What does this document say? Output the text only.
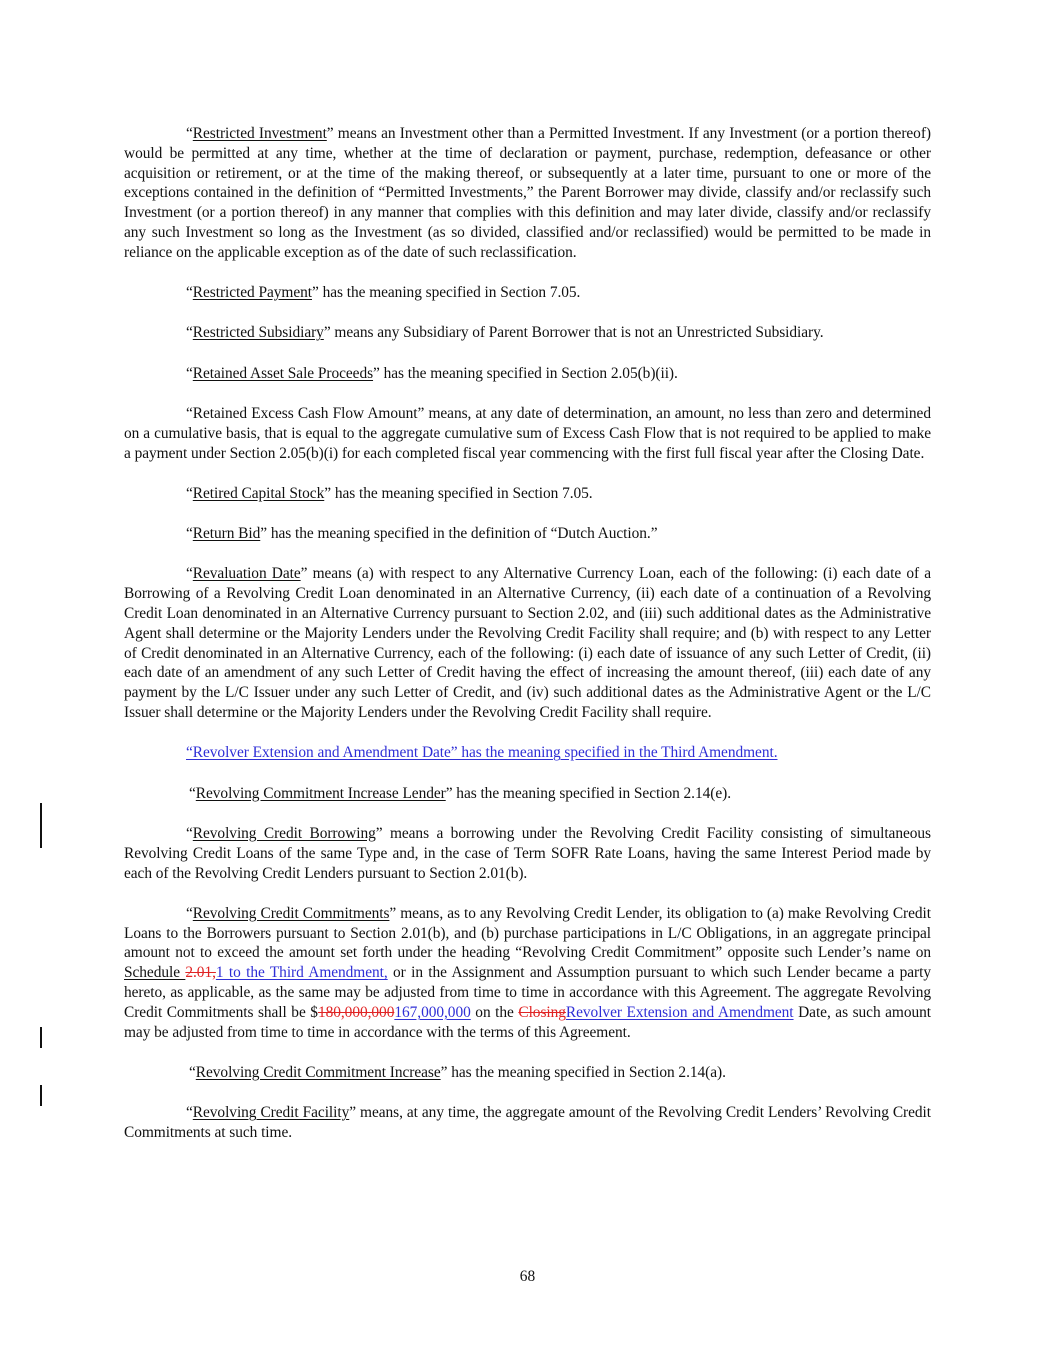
“Restricted Investment” means an Investment other than a Permitted Investment. If any Investment (or a portion thereof) would be permitted at any time, whether at the time of declaration or payment, purchase, redemption, defeasance or other acquisition or retirement, or at the time of the making thereof, or subsequently at a later time, pursuant to one or more of the exceptions contained in the definition of “Permitted Investments,” the Parent Borrower may divide, classify and/or reclassify such Investment (or a portion thereof) in any manner that complies with this definition and may later divide, classify and/or reclassify any such Investment so long as the Investment (as so divided, classified and/or reclassified) would be permitted to be made in reliance on the applicable exception as of the date of such reclassification.

“Restricted Payment” has the meaning specified in Section 7.05.

“Restricted Subsidiary” means any Subsidiary of Parent Borrower that is not an Unrestricted Subsidiary.

“Retained Asset Sale Proceeds” has the meaning specified in Section 2.05(b)(ii).

“Retained Excess Cash Flow Amount” means, at any date of determination, an amount, no less than zero and determined on a cumulative basis, that is equal to the aggregate cumulative sum of Excess Cash Flow that is not required to be applied to make a payment under Section 2.05(b)(i) for each completed fiscal year commencing with the first full fiscal year after the Closing Date.

“Retired Capital Stock” has the meaning specified in Section 7.05.

“Return Bid” has the meaning specified in the definition of “Dutch Auction.”

“Revaluation Date” means (a) with respect to any Alternative Currency Loan, each of the following: (i) each date of a Borrowing of a Revolving Credit Loan denominated in an Alternative Currency, (ii) each date of a continuation of a Revolving Credit Loan denominated in an Alternative Currency pursuant to Section 2.02, and (iii) such additional dates as the Administrative Agent shall determine or the Majority Lenders under the Revolving Credit Facility shall require; and (b) with respect to any Letter of Credit denominated in an Alternative Currency, each of the following: (i) each date of issuance of any such Letter of Credit, (ii) each date of an amendment of any such Letter of Credit having the effect of increasing the amount thereof, (iii) each date of any payment by the L/C Issuer under any such Letter of Credit, and (iv) such additional dates as the Administrative Agent or the L/C Issuer shall determine or the Majority Lenders under the Revolving Credit Facility shall require.

“Revolver Extension and Amendment Date” has the meaning specified in the Third Amendment.

“Revolving Commitment Increase Lender” has the meaning specified in Section 2.14(e).

“Revolving Credit Borrowing” means a borrowing under the Revolving Credit Facility consisting of simultaneous Revolving Credit Loans of the same Type and, in the case of Term SOFR Rate Loans, having the same Interest Period made by each of the Revolving Credit Lenders pursuant to Section 2.01(b).

“Revolving Credit Commitments” means, as to any Revolving Credit Lender, its obligation to (a) make Revolving Credit Loans to the Borrowers pursuant to Section 2.01(b), and (b) purchase participations in L/C Obligations, in an aggregate principal amount not to exceed the amount set forth under the heading “Revolving Credit Commitment” opposite such Lender’s name on Schedule 2.01,1 to the Third Amendment, or in the Assignment and Assumption pursuant to which such Lender became a party hereto, as applicable, as the same may be adjusted from time to time in accordance with this Agreement. The aggregate Revolving Credit Commitments shall be $180,000,000167,000,000 on the ClosingRevolver Extension and Amendment Date, as such amount may be adjusted from time to time in accordance with the terms of this Agreement.

“Revolving Credit Commitment Increase” has the meaning specified in Section 2.14(a).

“Revolving Credit Facility” means, at any time, the aggregate amount of the Revolving Credit Lenders’ Revolving Credit Commitments at such time.

68
